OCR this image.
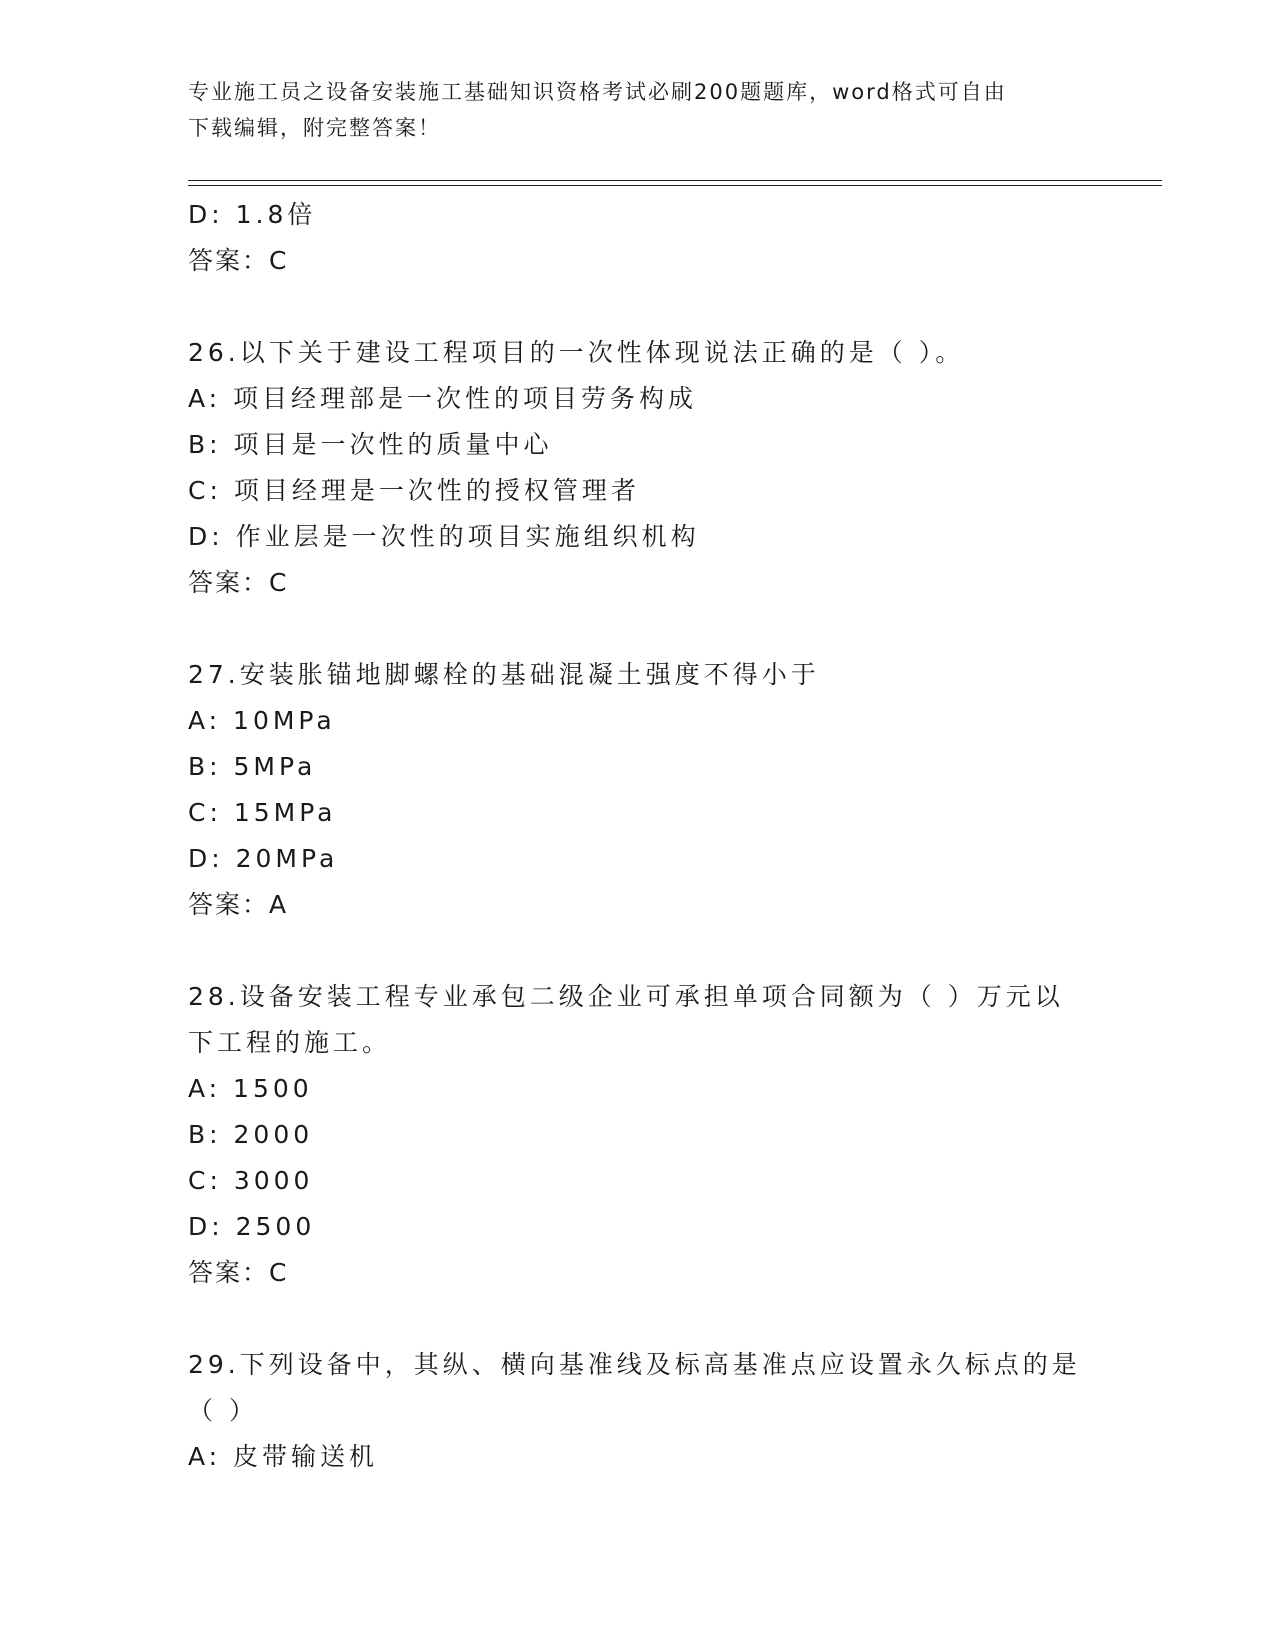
专业施工员之设备安装施工基础知识资格考试必刷200题题库，word格式可自由
下载编辑，附完整答案！
D: 1.8倍
答案：C
26.以下关于建设工程项目的一次性体现说法正确的是（ ）。
A: 项目经理部是一次性的项目劳务构成
B: 项目是一次性的质量中心
C: 项目经理是一次性的授权管理者
D: 作业层是一次性的项目实施组织机构
答案：C
27.安装胀锚地脚螺栓的基础混凝土强度不得小于
A: 10MPa
B: 5MPa
C: 15MPa
D: 20MPa
答案：A
28.设备安装工程专业承包二级企业可承担单项合同额为（ ）万元以
下工程的施工。
A: 1500
B: 2000
C: 3000
D: 2500
答案：C
29.下列设备中，其纵、横向基准线及标高基准点应设置永久标点的是
（ ）
A: 皮带输送机
